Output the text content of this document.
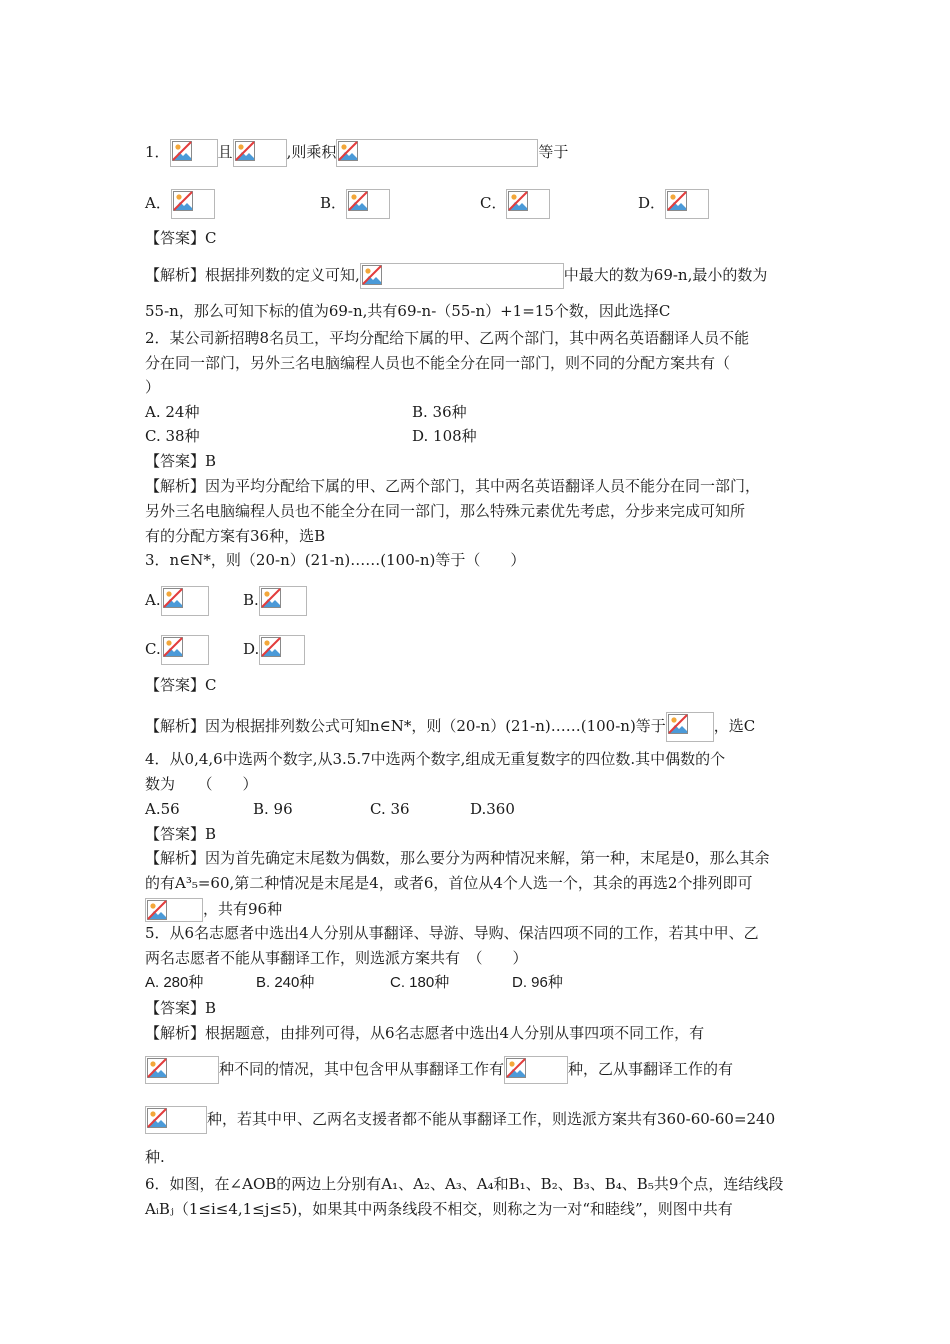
1．	且	,则乘积	等于
A．	B．	C．	D．
【答案】C
【解析】根据排列数的定义可知,	中最大的数为69-n,最小的数为
55-n，那么可知下标的值为69-n,共有69-n-（55-n）+1=15个数，因此选择C
2．某公司新招聘8名员工，平均分配给下属的甲、乙两个部门，其中两名英语翻译人员不能
分在同一部门，另外三名电脑编程人员也不能全分在同一部门，则不同的分配方案共有（
）
A. 24种	B. 36种
C. 38种	D. 108种
【答案】B
【解析】因为平均分配给下属的甲、乙两个部门，其中两名英语翻译人员不能分在同一部门，
另外三名电脑编程人员也不能全分在同一部门，那么特殊元素优先考虑，分步来完成可知所
有的分配方案有36种，选B
3．n∈N*，则（20-n）(21-n)……(100-n)等于（　　）
A.	B.
C.	D.
【答案】C
【解析】因为根据排列数公式可知n∈N*，则（20-n）(21-n)……(100-n)等于	，选C
4．从0,4,6中选两个数字,从3.5.7中选两个数字,组成无重复数字的四位数.其中偶数的个
数为　　（　　）
A.56	B. 96	C. 36	D.360
【答案】B
【解析】因为首先确定末尾数为偶数，那么要分为两种情况来解，第一种，末尾是0，那么其余
的有A³₅=60,第二种情况是末尾是4，或者6，首位从4个人选一个，其余的再选2个排列即可
，共有96种
5．从6名志愿者中选出4人分别从事翻译、导游、导购、保洁四项不同的工作，若其中甲、乙
两名志愿者不能从事翻译工作，则选派方案共有　（　　）
A. 280种	B. 240种	C. 180种	D. 96种
【答案】B
【解析】根据题意，由排列可得，从6名志愿者中选出4人分别从事四项不同工作，有
种不同的情况，其中包含甲从事翻译工作有	种，乙从事翻译工作的有
种，若其中甲、乙两名支援者都不能从事翻译工作，则选派方案共有360-60-60=240
种.
6．如图，在∠AOB的两边上分别有A₁、A₂、A₃、A₄和B₁、B₂、B₃、B₄、B₅共9个点，连结线段
AᵢBⱼ（1≤i≤4,1≤j≤5)，如果其中两条线段不相交，则称之为一对“和睦线”，则图中共有
